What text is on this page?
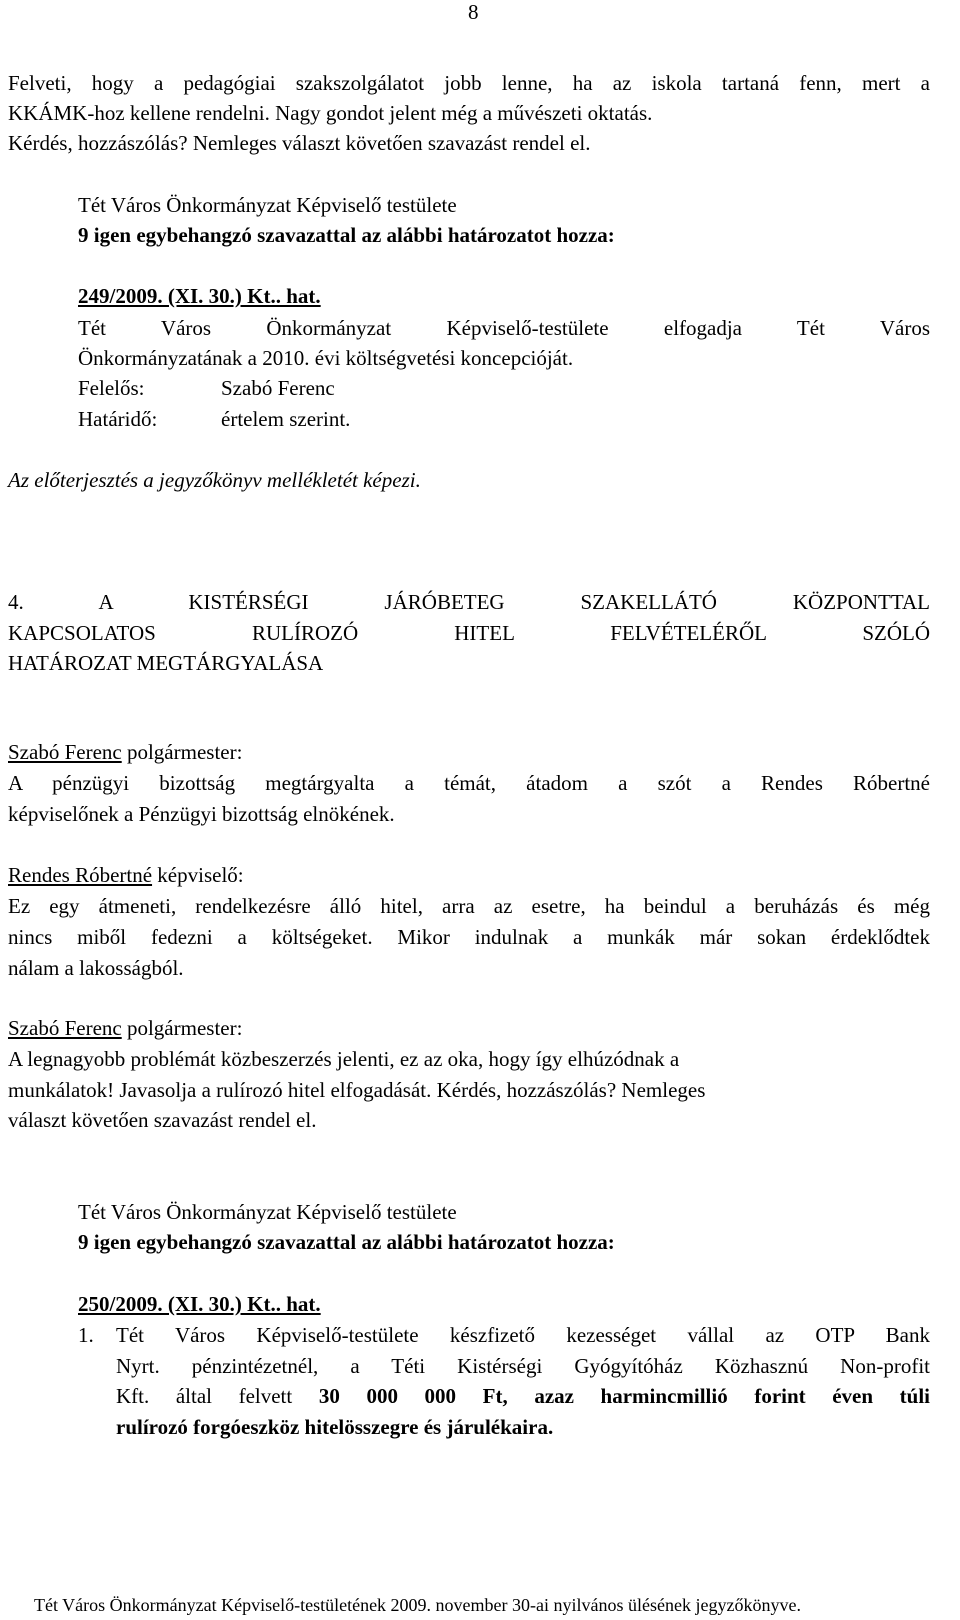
8
Felveti, hogy a pedagógiai szakszolgálatot jobb lenne, ha az iskola tartaná fenn, mert a
KKÁMK-hoz kellene rendelni. Nagy gondot jelent még a művészeti oktatás.
Kérdés, hozzászólás? Nemleges választ követően szavazást rendel el.
Tét Város Önkormányzat Képviselő testülete
9 igen egybehangzó szavazattal az alábbi határozatot hozza:
249/2009. (XI. 30.) Kt.. hat.
Tét Város Önkormányzat Képviselő-testülete elfogadja Tét Város
Önkormányzatának a 2010. évi költségvetési koncepcióját.
Felelős:	Szabó Ferenc
Határidő:	értelem szerint.
Az előterjesztés a jegyzőkönyv mellékletét képezi.
4. A KISTÉRSÉGI JÁRÓBETEG SZAKELLÁTÓ KÖZPONTTAL
KAPCSOLATOS RULÍROZÓ HITEL FELVÉTELÉRŐL SZÓLÓ
HATÁROZAT MEGTÁRGYALÁSA
Szabó Ferenc polgármester:
A pénzügyi bizottság megtárgyalta a témát, átadom a szót a Rendes Róbertné
képviselőnek a Pénzügyi bizottság elnökének.
Rendes Róbertné képviselő:
Ez egy átmeneti, rendelkezésre álló hitel, arra az esetre, ha beindul a beruházás és még
nincs miből fedezni a költségeket. Mikor indulnak a munkák már sokan érdeklődtek
nálam a lakosságból.
Szabó Ferenc polgármester:
A legnagyobb problémát közbeszerzés jelenti, ez az oka, hogy így elhúzódnak a
munkálatok! Javasolja a rulírozó hitel elfogadását. Kérdés, hozzászólás? Nemleges
választ követően szavazást rendel el.
Tét Város Önkormányzat Képviselő testülete
9 igen egybehangzó szavazattal az alábbi határozatot hozza:
250/2009. (XI. 30.) Kt.. hat.
1. Tét Város Képviselő-testülete készfizető kezességet vállal az OTP Bank
Nyrt. pénzintézetnél, a Téti Kistérségi Gyógyítóház Közhasznú Non-profit
Kft. által felvett 30 000 000 Ft, azaz harmincmillió forint éven túli
rulírozó forgóeszköz hitelösszegre és járulékaira.
Tét Város Önkormányzat Képviselő-testületének 2009. november 30-ai nyilvános ülésének jegyzőkönyve.
